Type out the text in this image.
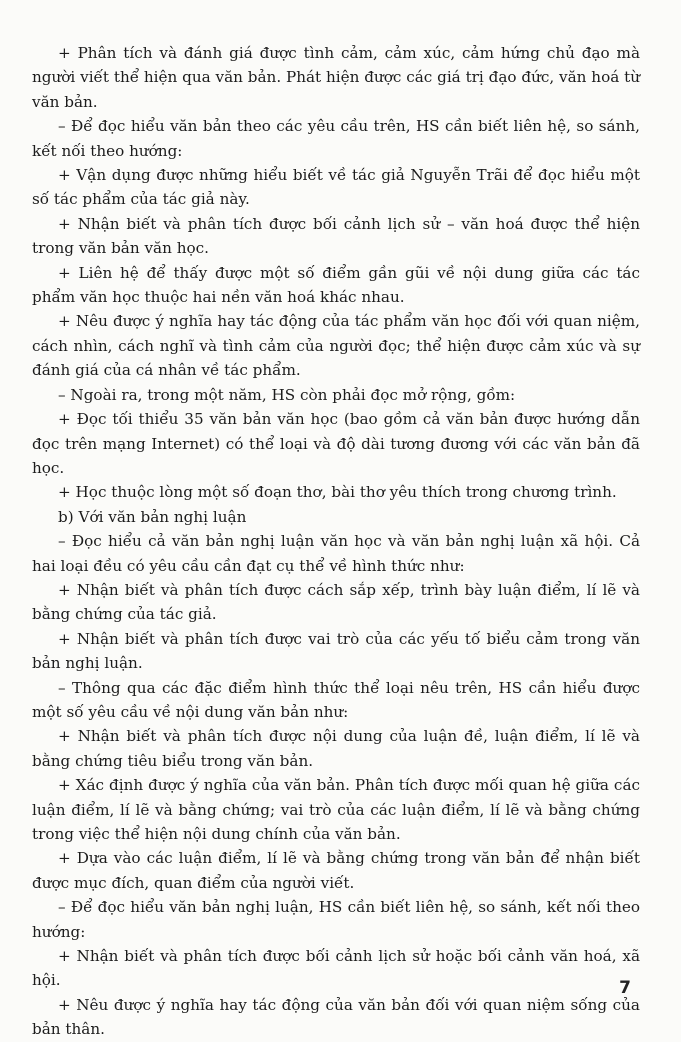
+ Phân tích và đánh giá được tình cảm, cảm xúc, cảm hứng chủ đạo mà người viết thể hiện qua văn bản. Phát hiện được các giá trị đạo đức, văn hoá từ văn bản.

– Để đọc hiểu văn bản theo các yêu cầu trên, HS cần biết liên hệ, so sánh, kết nối theo hướng:

+ Vận dụng được những hiểu biết về tác giả Nguyễn Trãi để đọc hiểu một số tác phẩm của tác giả này.

+ Nhận biết và phân tích được bối cảnh lịch sử – văn hoá được thể hiện trong văn bản văn học.

+ Liên hệ để thấy được một số điểm gần gũi về nội dung giữa các tác phẩm văn học thuộc hai nền văn hoá khác nhau.

+ Nêu được ý nghĩa hay tác động của tác phẩm văn học đối với quan niệm, cách nhìn, cách nghĩ và tình cảm của người đọc; thể hiện được cảm xúc và sự đánh giá của cá nhân về tác phẩm.

– Ngoài ra, trong một năm, HS còn phải đọc mở rộng, gồm:

+ Đọc tối thiểu 35 văn bản văn học (bao gồm cả văn bản được hướng dẫn đọc trên mạng Internet) có thể loại và độ dài tương đương với các văn bản đã học.

+ Học thuộc lòng một số đoạn thơ, bài thơ yêu thích trong chương trình.

b) Với văn bản nghị luận

– Đọc hiểu cả văn bản nghị luận văn học và văn bản nghị luận xã hội. Cả hai loại đều có yêu cầu cần đạt cụ thể về hình thức như:

+ Nhận biết và phân tích được cách sắp xếp, trình bày luận điểm, lí lẽ và bằng chứng của tác giả.

+ Nhận biết và phân tích được vai trò của các yếu tố biểu cảm trong văn bản nghị luận.

– Thông qua các đặc điểm hình thức thể loại nêu trên, HS cần hiểu được một số yêu cầu về nội dung văn bản như:

+ Nhận biết và phân tích được nội dung của luận đề, luận điểm, lí lẽ và bằng chứng tiêu biểu trong văn bản.

+ Xác định được ý nghĩa của văn bản. Phân tích được mối quan hệ giữa các luận điểm, lí lẽ và bằng chứng; vai trò của các luận điểm, lí lẽ và bằng chứng trong việc thể hiện nội dung chính của văn bản.

+ Dựa vào các luận điểm, lí lẽ và bằng chứng trong văn bản để nhận biết được mục đích, quan điểm của người viết.

– Để đọc hiểu văn bản nghị luận, HS cần biết liên hệ, so sánh, kết nối theo hướng:

+ Nhận biết và phân tích được bối cảnh lịch sử hoặc bối cảnh văn hoá, xã hội.

+ Nêu được ý nghĩa hay tác động của văn bản đối với quan niệm sống của bản thân.

7
